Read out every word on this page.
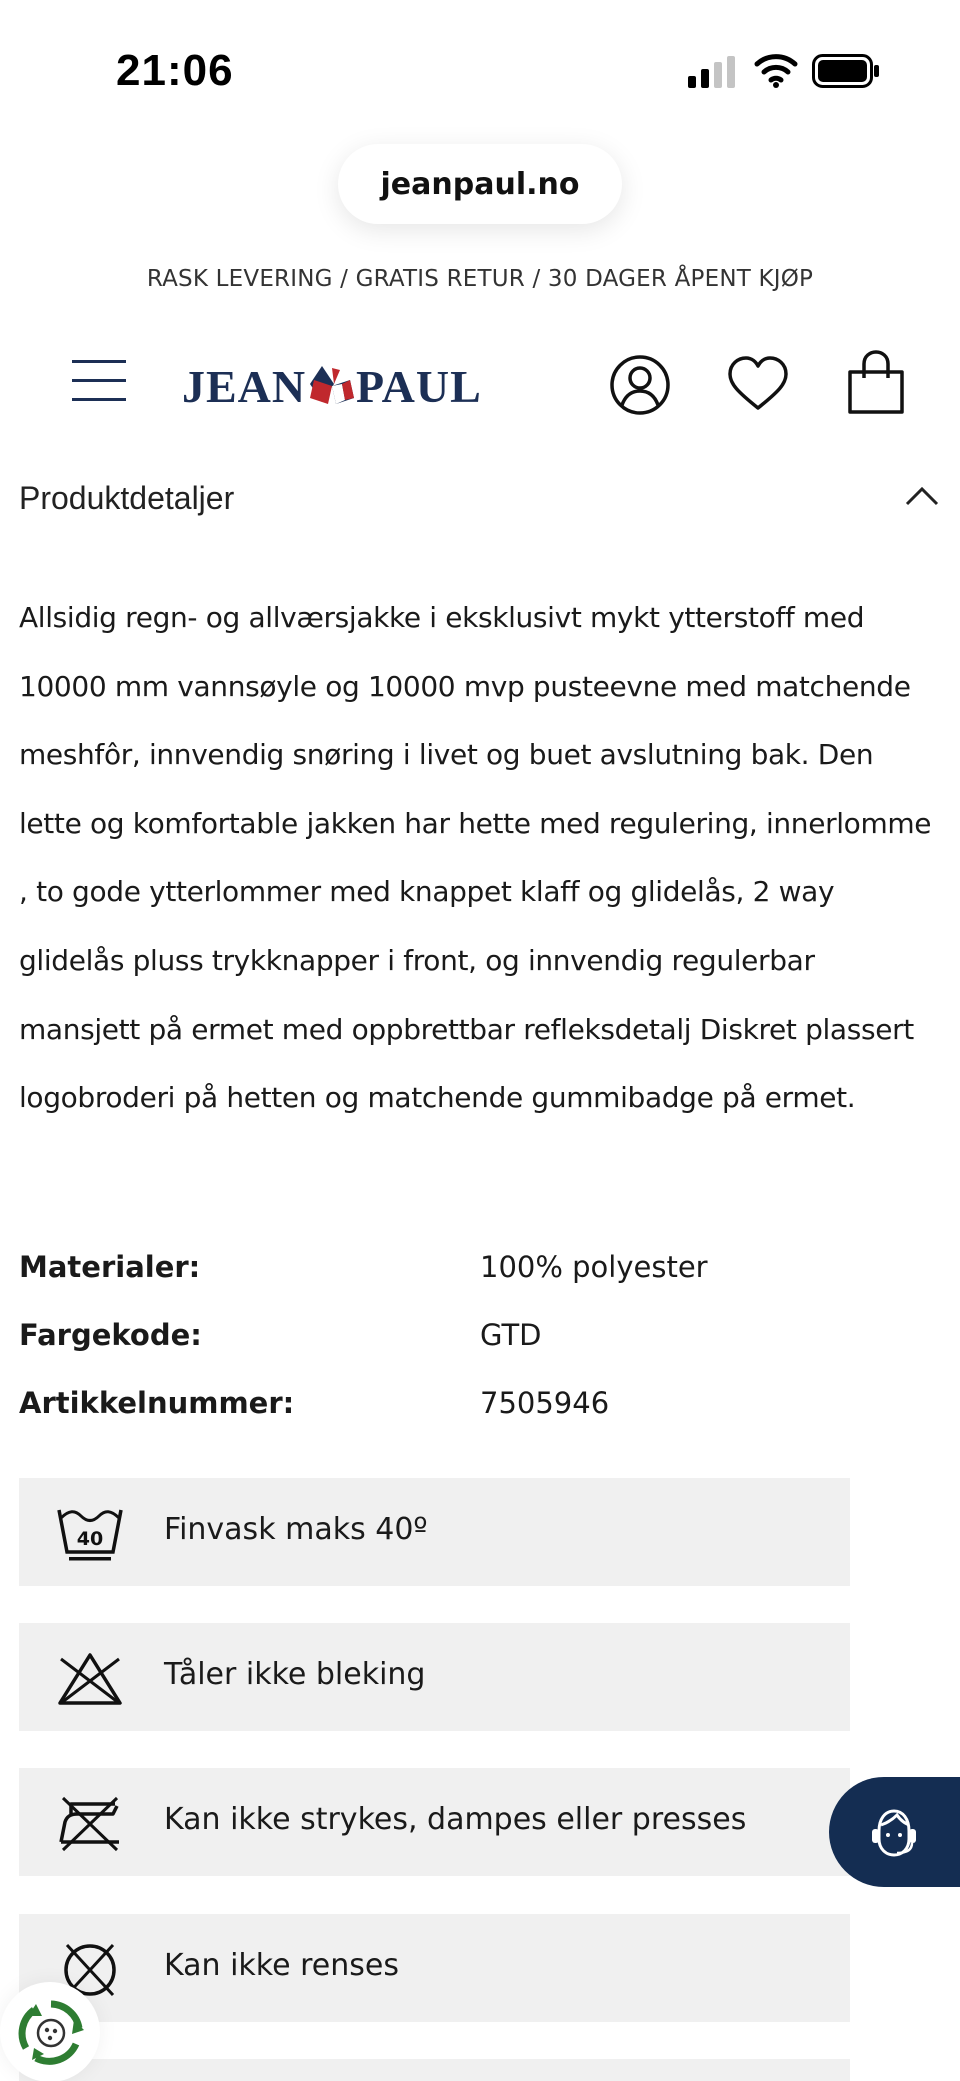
21:06
jeanpaul.no
RASK LEVERING / GRATIS RETUR / 30 DAGER ÅPENT KJØP
JEAN PAUL
Produktdetaljer
Allsidig regn- og allværsjakke i eksklusivt mykt ytterstoff med 10000 mm vannsøyle og 10000 mvp pusteevne med matchende meshfôr, innvendig snøring i livet og buet avslutning bak. Den lette og komfortable jakken har hette med regulering, innerlomme , to gode ytterlommer med knappet klaff og glidelås, 2 way glidelås pluss trykknapper i front, og innvendig regulerbar mansjett på ermet med oppbrettbar refleksdetalj Diskret plassert logobroderi på hetten og matchende gummibadge på ermet.
Materialer:	100% polyester
Fargekode:	GTD
Artikkelnummer:	7505946
40 Finvask maks 40º
Tåler ikke bleking
Kan ikke strykes, dampes eller presses
Kan ikke renses
